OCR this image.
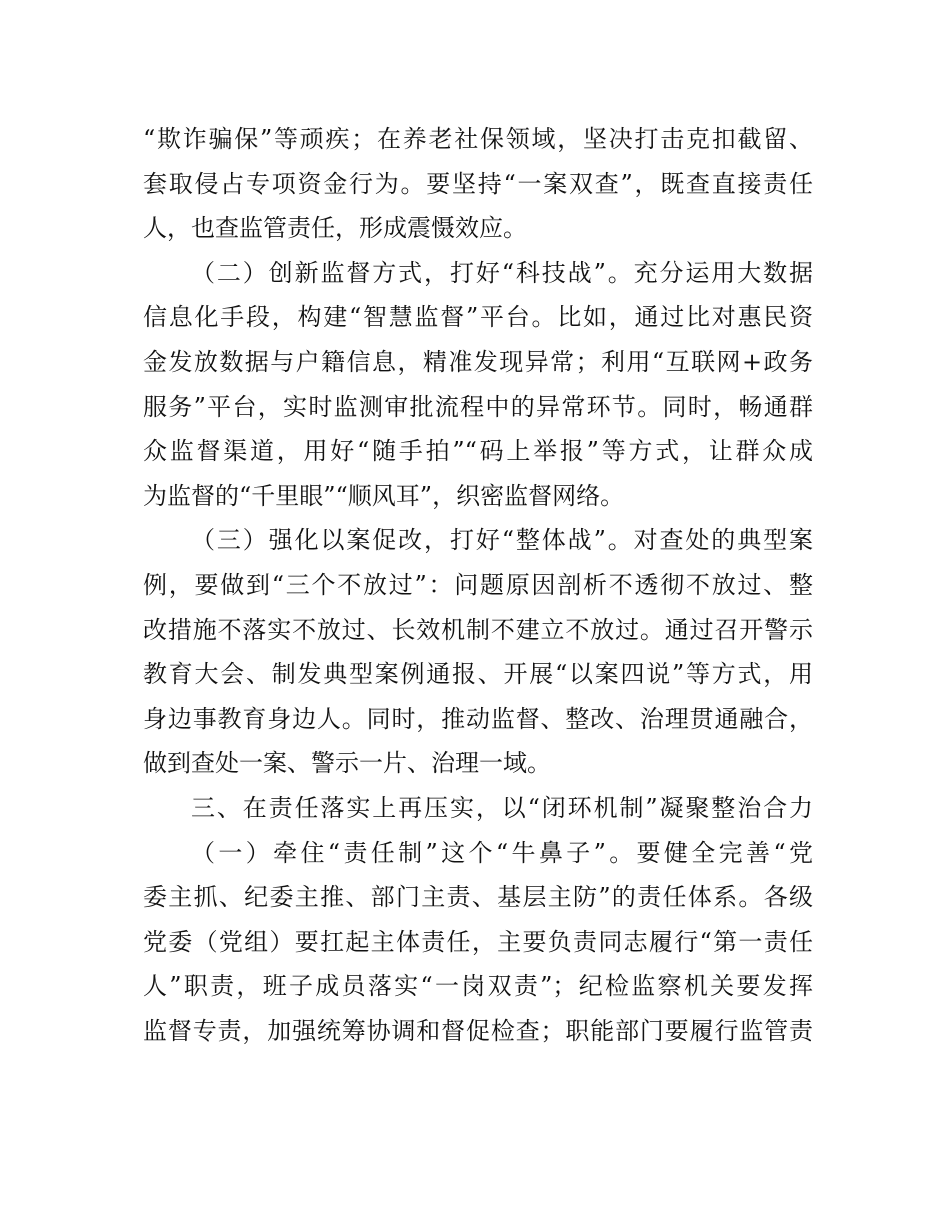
“欺诈骗保”等顽疾；在养老社保领域，坚决打击克扣截留、
套取侵占专项资金行为。要坚持“一案双查”，既查直接责任
人，也查监管责任，形成震慑效应。
（二）创新监督方式，打好“科技战”。充分运用大数据
信息化手段，构建“智慧监督”平台。比如，通过比对惠民资
金发放数据与户籍信息，精准发现异常；利用“互联网+政务
服务”平台，实时监测审批流程中的异常环节。同时，畅通群
众监督渠道，用好“随手拍”“码上举报”等方式，让群众成
为监督的“千里眼”“顺风耳”，织密监督网络。
（三）强化以案促改，打好“整体战”。对查处的典型案
例，要做到“三个不放过”：问题原因剖析不透彻不放过、整
改措施不落实不放过、长效机制不建立不放过。通过召开警示
教育大会、制发典型案例通报、开展“以案四说”等方式，用
身边事教育身边人。同时，推动监督、整改、治理贯通融合，
做到查处一案、警示一片、治理一域。
三、在责任落实上再压实，以“闭环机制”凝聚整治合力
（一）牵住“责任制”这个“牛鼻子”。要健全完善“党
委主抓、纪委主推、部门主责、基层主防”的责任体系。各级
党委（党组）要扛起主体责任，主要负责同志履行“第一责任
人”职责，班子成员落实“一岗双责”；纪检监察机关要发挥
监督专责，加强统筹协调和督促检查；职能部门要履行监管责
